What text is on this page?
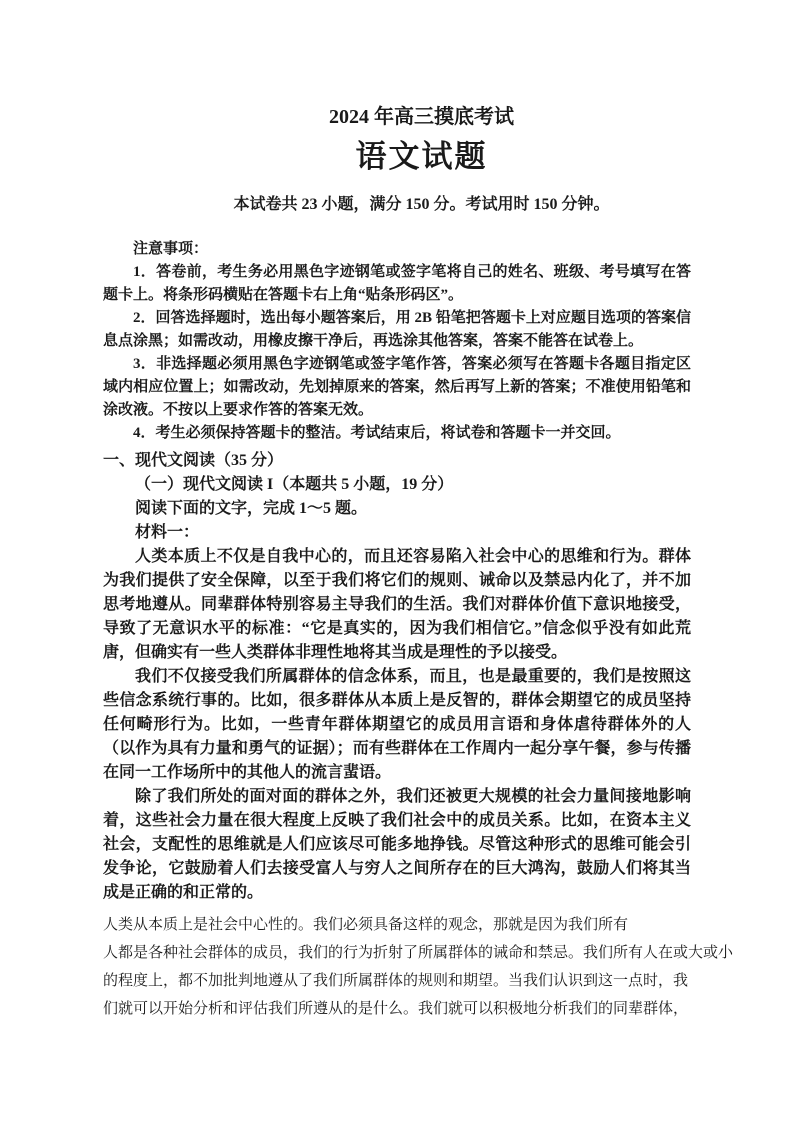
2024 年高三摸底考试
语文试题
本试卷共 23 小题，满分 150 分。考试用时 150 分钟。
注意事项：

1．答卷前，考生务必用黑色字迹钢笔或签字笔将自己的姓名、班级、考号填写在答题卡上。将条形码横贴在答题卡右上角“贴条形码区”。

2．回答选择题时，选出每小题答案后，用 2B 铅笔把答题卡上对应题目选项的答案信息点涂黑；如需改动，用橡皮擦干净后，再选涂其他答案，答案不能答在试卷上。

3．非选择题必须用黑色字迹钢笔或签字笔作答，答案必须写在答题卡各题目指定区域内相应位置上；如需改动，先划掉原来的答案，然后再写上新的答案；不准使用铅笔和涂改液。不按以上要求作答的答案无效。

4．考生必须保持答题卡的整洁。考试结束后，将试卷和答题卡一并交回。

一、现代文阅读（35 分）
（一）现代文阅读 I（本题共 5 小题，19 分）
阅读下面的文字，完成 1～5 题。
材料一：

人类本质上不仅是自我中心的，而且还容易陷入社会中心的思维和行为。群体为我们提供了安全保障，以至于我们将它们的规则、诫命以及禁忌内化了，并不加思考地遵从。同辈群体特别容易主导我们的生活。我们对群体价值下意识地接受，导致了无意识水平的标准：“它是真实的，因为我们相信它。”信念似乎没有如此荒唐，但确实有一些人类群体非理性地将其当成是理性的予以接受。

我们不仅接受我们所属群体的信念体系，而且，也是最重要的，我们是按照这些信念系统行事的。比如，很多群体从本质上是反智的，群体会期望它的成员坚持任何畸形行为。比如，一些青年群体期望它的成员用言语和身体虐待群体外的人（以作为具有力量和勇气的证据）；而有些群体在工作周内一起分享午餐，参与传播在同一工作场所中的其他人的流言蜚语。

除了我们所处的面对面的群体之外，我们还被更大规模的社会力量间接地影响着，这些社会力量在很大程度上反映了我们社会中的成员关系。比如，在资本主义社会，支配性的思维就是人们应该尽可能多地挣钱。尽管这种形式的思维可能会引发争论，它鼓励着人们去接受富人与穷人之间所存在的巨大鸿沟，鼓励人们将其当成是正确的和正常的。

人类从本质上是社会中心性的。我们必须具备这样的观念，那就是因为我们所有
人都是各种社会群体的成员，我们的行为折射了所属群体的诫命和禁忌。我们所有人在或大或小
的程度上，都不加批判地遵从了我们所属群体的规则和期望。当我们认识到这一点时，我
们就可以开始分析和评估我们所遵从的是什么。我们就可以积极地分析我们的同辈群体，
